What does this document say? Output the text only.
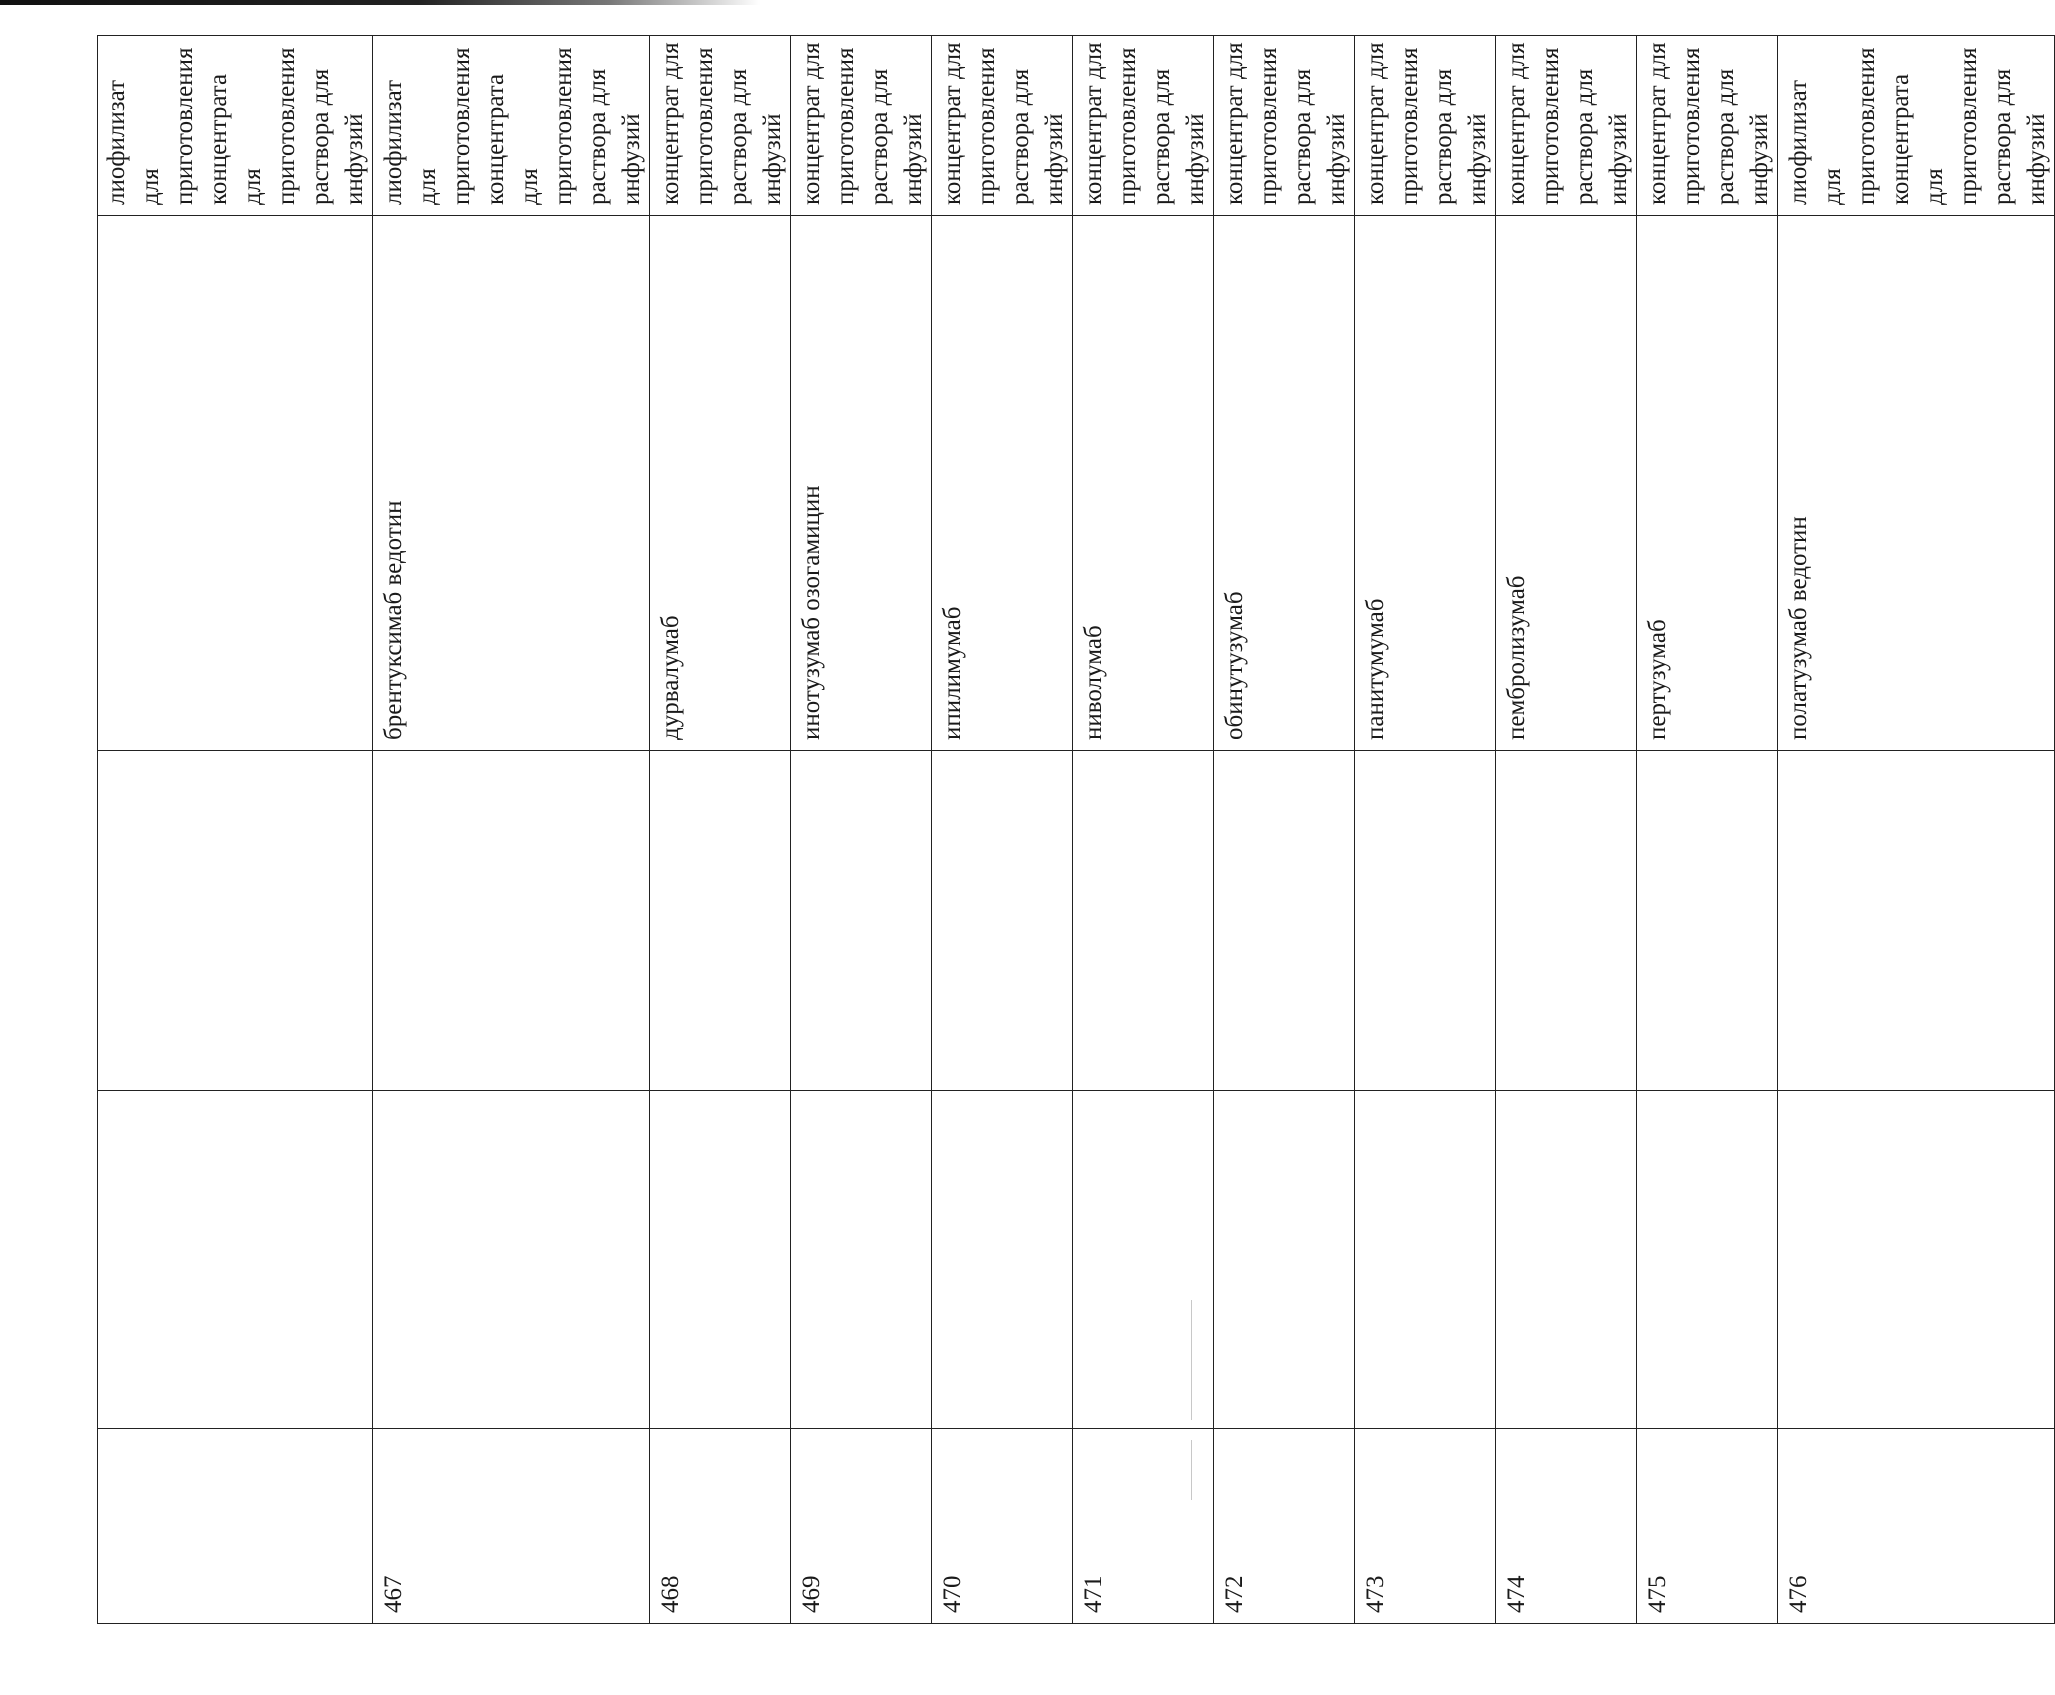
				лиофилизат для приготовления концентрата для приготовления раствора для инфузий
467			брентуксимаб ведотин	лиофилизат для приготовления концентрата для приготовления раствора для инфузий
468			дурвалумаб	концентрат для приготовления раствора для инфузий
469			инотузумаб озогамицин	концентрат для приготовления раствора для инфузий
470			ипилимумаб	концентрат для приготовления раствора для инфузий
471			ниволумаб	концентрат для приготовления раствора для инфузий
472			обинутузумаб	концентрат для приготовления раствора для инфузий
473			панитумумаб	концентрат для приготовления раствора для инфузий
474			пембролизумаб	концентрат для приготовления раствора для инфузий
475			пертузумаб	концентрат для приготовления раствора для инфузий
476			полатузумаб ведотин	лиофилизат для приготовления концентрата для приготовления раствора для инфузий
